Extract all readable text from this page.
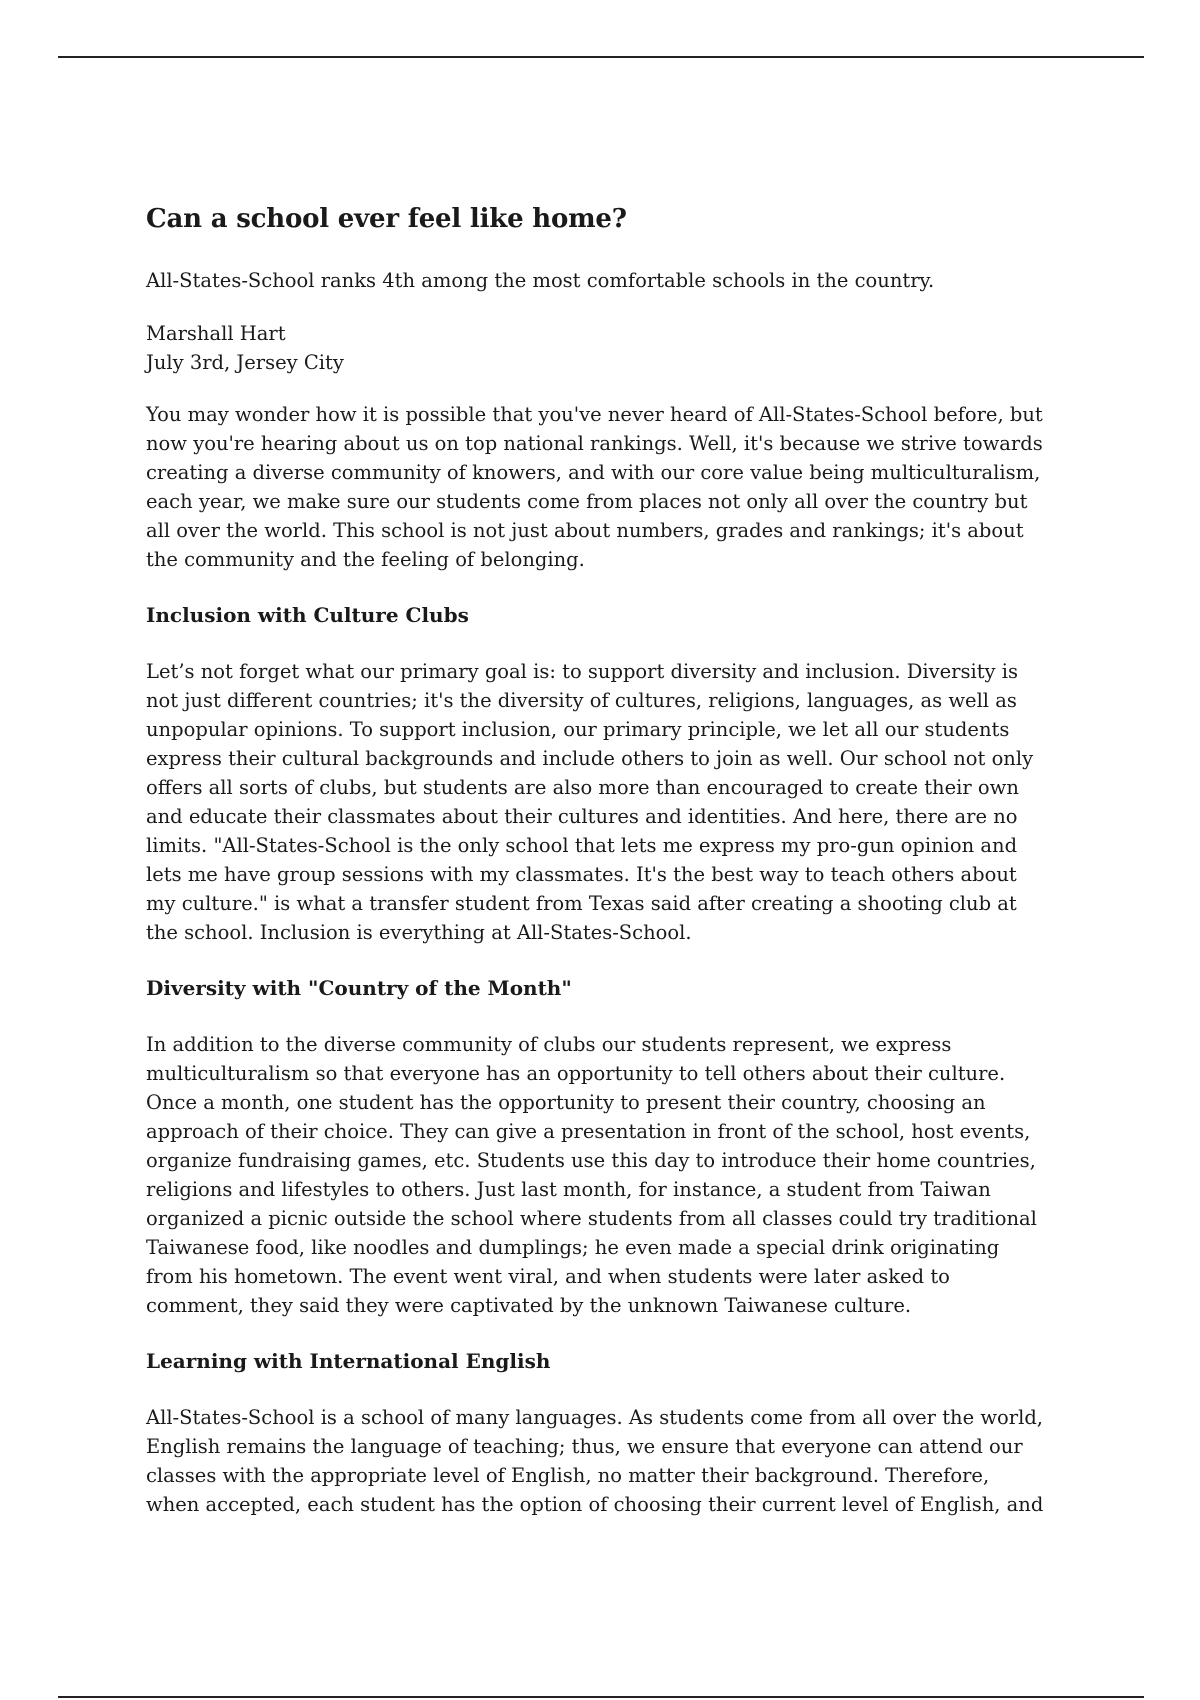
Can a school ever feel like home?

All-States-School ranks 4th among the most comfortable schools in the country.

Marshall Hart
July 3rd, Jersey City

You may wonder how it is possible that you've never heard of All-States-School before, but now you're hearing about us on top national rankings. Well, it's because we strive towards creating a diverse community of knowers, and with our core value being multiculturalism, each year, we make sure our students come from places not only all over the country but all over the world. This school is not just about numbers, grades and rankings; it's about the community and the feeling of belonging.

Inclusion with Culture Clubs

Let’s not forget what our primary goal is: to support diversity and inclusion. Diversity is not just different countries; it's the diversity of cultures, religions, languages, as well as unpopular opinions. To support inclusion, our primary principle, we let all our students express their cultural backgrounds and include others to join as well. Our school not only offers all sorts of clubs, but students are also more than encouraged to create their own and educate their classmates about their cultures and identities. And here, there are no limits. "All-States-School is the only school that lets me express my pro-gun opinion and lets me have group sessions with my classmates. It's the best way to teach others about my culture." is what a transfer student from Texas said after creating a shooting club at the school. Inclusion is everything at All-States-School.

Diversity with "Country of the Month"

In addition to the diverse community of clubs our students represent, we express multiculturalism so that everyone has an opportunity to tell others about their culture. Once a month, one student has the opportunity to present their country, choosing an approach of their choice. They can give a presentation in front of the school, host events, organize fundraising games, etc. Students use this day to introduce their home countries, religions and lifestyles to others. Just last month, for instance, a student from Taiwan organized a picnic outside the school where students from all classes could try traditional Taiwanese food, like noodles and dumplings; he even made a special drink originating from his hometown. The event went viral, and when students were later asked to comment, they said they were captivated by the unknown Taiwanese culture.

Learning with International English

All-States-School is a school of many languages. As students come from all over the world, English remains the language of teaching; thus, we ensure that everyone can attend our classes with the appropriate level of English, no matter their background. Therefore, when accepted, each student has the option of choosing their current level of English, and
